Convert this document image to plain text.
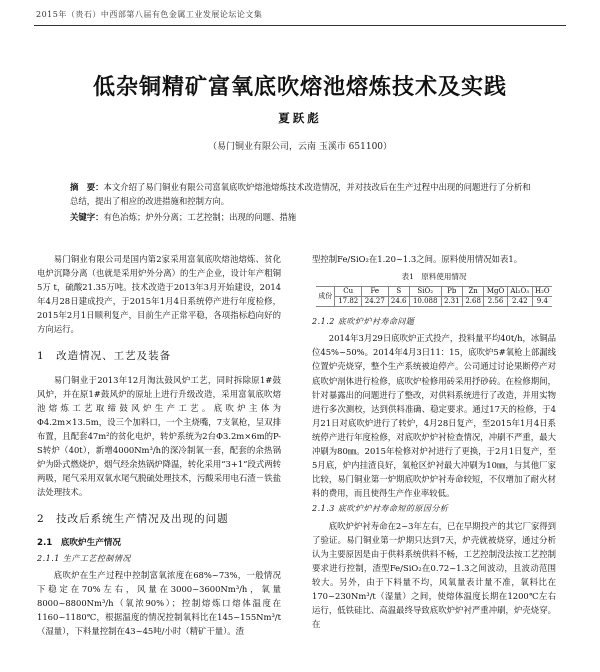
2015年（贵石）中西部第八届有色金属工业发展论坛论文集
低杂铜精矿富氧底吹熔池熔炼技术及实践
夏跃彪
（易门铜业有限公司，云南 玉溪市 651100）
摘　要：本文介绍了易门铜业有限公司富氧底吹炉熔池熔炼技术改造情况，并对技改后在生产过程中出现的问题进行了分析和总结，提出了相应的改进措施和控制方向。
关键字：有色冶炼；炉外分离；工艺控制；出现的问题、措施

易门铜业有限公司是国内第2家采用富氧底吹熔池熔炼、贫化电炉沉降分离（也就是采用炉外分离）的生产企业，设计年产粗铜5万 t，硫酸21.35万吨。技术改造于2013年3月开始建设，2014年4月28日建成投产，于2015年1月4日系统停产进行年度检修，2015年2月1日顺利复产，目前生产正常平稳，各项指标趋向好的方向运行。

1　改造情况、工艺及装备

易门铜业于2013年12月淘汰鼓风炉工艺，同时拆除原1#鼓风炉，并在原1#鼓风炉的原址上进行升级改造，采用富氧底吹熔池熔炼工艺取缔鼓风炉生产工艺。底吹炉主体为Φ4.2m×13.5m，设三个加料口，一个主烧嘴，7支氧枪，呈双排布置，且配套47m²的贫化电炉，转炉系统为2台Φ3.2m×6m的P-S转炉（40t），新增4000Nm³/h的深冷制氧一套，配套的余热锅炉为卧式燃烧炉，烟气经余热锅炉降温，转化采用“3+1”段式两转两吸，尾气采用双氧水尾气脱硫处理技术，污酸采用电石渣－铁盐法处理技术。

2　技改后系统生产情况及出现的问题
2.1　底吹炉生产情况
2.1.1 生产工艺控制情况

底吹炉在生产过程中控制富氧浓度在68%~73%，一般情况下稳定在70%左右，风量在3000~3600Nm³/h，氧量8000~8800Nm³/h（氧浓90%）；控制熔炼口熔体温度在1160~1180℃，根据温度的情况控制氧料比在145~155Nm³/t（湿量），下料量控制在43~45吨/小时（精矿干量）。渣

型控制Fe/SiO₂在1.20~1.3之间。原料使用情况如表1。

表1　原料使用情况
成份	Cu	Fe	S	SiO₂	Pb	Zn	MgO	Al₂O₃	H₂O
	17.82	24.27	24.6	10.088	2.31	2.68	2.56	2.42	9.4
2.1.2 底吹炉炉衬寿命问题

2014年3月29日底吹炉正式投产，投料量平均40t/h，冰铜品位45%~50%。2014年4月3日11：15，底吹炉5#氧枪上部漏线位置炉壳烧穿，整个生产系统被迫停产。公司通过讨论果断停产对底吹炉剖体进行检修，底吹炉检修用砖采用抒砂砖。在检修期间，针对暴露出的问题进行了整改，对供料系统进行了改造，并用实物进行多次测校，达到供料准确、稳定要求。通过17天的检修，于4月21日对底吹炉进行了转炉，4月28日复产，至2015年1月4日系统停产进行年度检修，对底吹炉炉衬检查情况，冲刷不严重，最大冲刷为80㎜。2015年检修对炉衬进行了更换，于2月1日复产，至5月底，炉内挂渣良好，氧枪区炉衬最大冲刷为10㎜，与其他厂家比较，易门铜业第一炉期底吹炉炉衬寿命较短，不仅增加了耐火材料的费用，而且使得生产作业率较低。

2.1.3 底吹炉炉衬寿命短的原因分析

底吹炉炉衬寿命在2~3年左右，已在早期投产的其它厂家得到了验证。易门铜业第一炉期只达到7天，炉壳就被烧穿，通过分析认为主要原因是由于供料系统供料不畅，工艺控制没法按工艺控制要求进行控制，渣型Fe/SiO₂在0.72~1.3之间波动，且波动范围较大。另外，由于下料量不均，风氧量表计量不准，氧料比在170~230Nm³/t（湿量）之间，使熔体温度长期在1200℃左右运行，低铁硅比、高温最终导致底吹炉炉衬严重冲刷，炉壳烧穿。在
